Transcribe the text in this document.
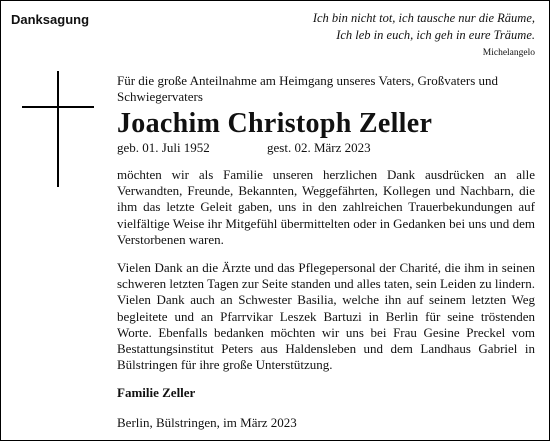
Danksagung	Ich bin nicht tot, ich tausche nur die Räume,
Ich leb in euch, ich geh in eure Träume.
Michelangelo

Für die große Anteilnahme am Heimgang unseres Vaters, Großvaters und Schwiegervaters

Joachim Christoph Zeller
geb. 01. Juli 1952	gest. 02. März 2023

möchten wir als Familie unseren herzlichen Dank ausdrücken an alle Verwandten, Freunde, Bekannten, Weggefährten, Kollegen und Nachbarn, die ihm das letzte Geleit gaben, uns in den zahlreichen Trauerbekundungen auf vielfältige Weise ihr Mitgefühl übermittelten oder in Gedanken bei uns und dem Verstorbenen waren.

Vielen Dank an die Ärzte und das Pflegepersonal der Charité, die ihm in seinen schweren letzten Tagen zur Seite standen und alles taten, sein Leiden zu lindern. Vielen Dank auch an Schwester Basilia, welche ihn auf seinem letzten Weg begleitete und an Pfarrvikar Leszek Bartuzi in Berlin für seine tröstenden Worte. Ebenfalls bedanken möchten wir uns bei Frau Gesine Preckel vom Bestattungsinstitut Peters aus Haldensleben und dem Landhaus Gabriel in Bülstringen für ihre große Unterstützung.

Familie Zeller
Berlin, Bülstringen, im März 2023
